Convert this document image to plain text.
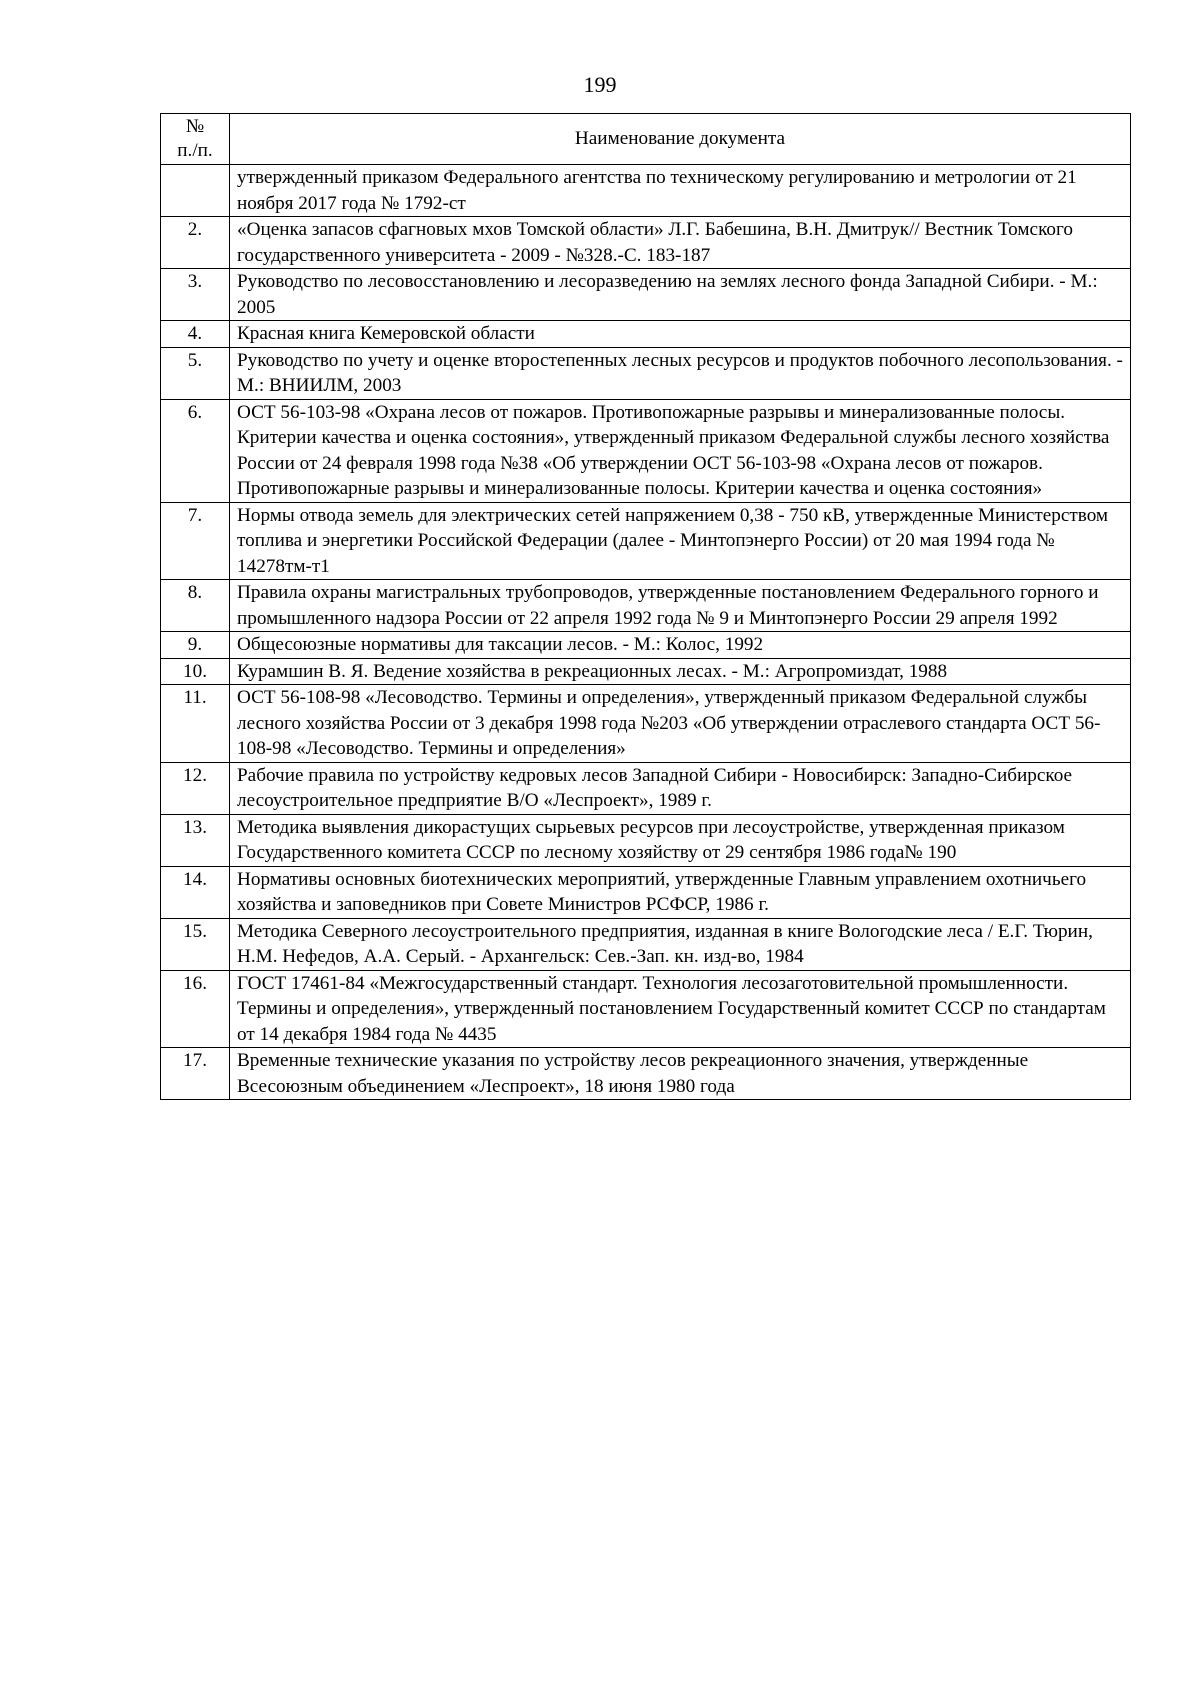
199
№
п./п.	Наименование документа
	утвержденный приказом Федерального агентства по техническому регулированию и метрологии от 21 ноября 2017 года № 1792-ст
2.	«Оценка запасов сфагновых мхов Томской области» Л.Г. Бабешина, В.Н. Дмитрук// Вестник Томского государственного университета - 2009 - №328.-С. 183-187
3.	Руководство по лесовосстановлению и лесоразведению на землях лесного фонда Западной Сибири. - М.: 2005
4.	Красная книга Кемеровской области
5.	Руководство по учету и оценке второстепенных лесных ресурсов и продуктов побочного лесопользования. - М.: ВНИИЛМ, 2003
6.	ОСТ 56-103-98 «Охрана лесов от пожаров. Противопожарные разрывы и минерализованные полосы. Критерии качества и оценка состояния», утвержденный приказом Федеральной службы лесного хозяйства России от 24 февраля 1998 года №38 «Об утверждении ОСТ 56-103-98 «Охрана лесов от пожаров. Противопожарные разрывы и минерализованные полосы. Критерии качества и оценка состояния»
7.	Нормы отвода земель для электрических сетей напряжением 0,38 - 750 кВ, утвержденные Министерством топлива и энергетики Российской Федерации (далее - Минтопэнерго России) от 20 мая 1994 года № 14278тм-т1
8.	Правила охраны магистральных трубопроводов, утвержденные постановлением Федерального горного и промышленного надзора России от 22 апреля 1992 года № 9 и Минтопэнерго России 29 апреля 1992
9.	Общесоюзные нормативы для таксации лесов. - М.: Колос, 1992
10.	Курамшин В. Я. Ведение хозяйства в рекреационных лесах. - М.: Агропромиздат, 1988
11.	ОСТ 56-108-98 «Лесоводство. Термины и определения», утвержденный приказом Федеральной службы лесного хозяйства России от 3 декабря 1998 года №203 «Об утверждении отраслевого стандарта ОСТ 56-108-98 «Лесоводство. Термины и определения»
12.	Рабочие правила по устройству кедровых лесов Западной Сибири - Новосибирск: Западно-Сибирское лесоустроительное предприятие В/О «Леспроект», 1989 г.
13.	Методика выявления дикорастущих сырьевых ресурсов при лесоустройстве, утвержденная приказом Государственного комитета СССР по лесному хозяйству от 29 сентября 1986 года№ 190
14.	Нормативы основных биотехнических мероприятий, утвержденные Главным управлением охотничьего хозяйства и заповедников при Совете Министров РСФСР, 1986 г.
15.	Методика Северного лесоустроительного предприятия, изданная в книге Вологодские леса / Е.Г. Тюрин, Н.М. Нефедов, А.А. Серый. - Архангельск: Сев.-Зап. кн. изд-во, 1984
16.	ГОСТ 17461-84 «Межгосударственный стандарт. Технология лесозаготовительной промышленности. Термины и определения», утвержденный постановлением Государственный комитет СССР по стандартам от 14 декабря 1984 года № 4435
17.	Временные технические указания по устройству лесов рекреационного значения, утвержденные Всесоюзным объединением «Леспроект», 18 июня 1980 года
